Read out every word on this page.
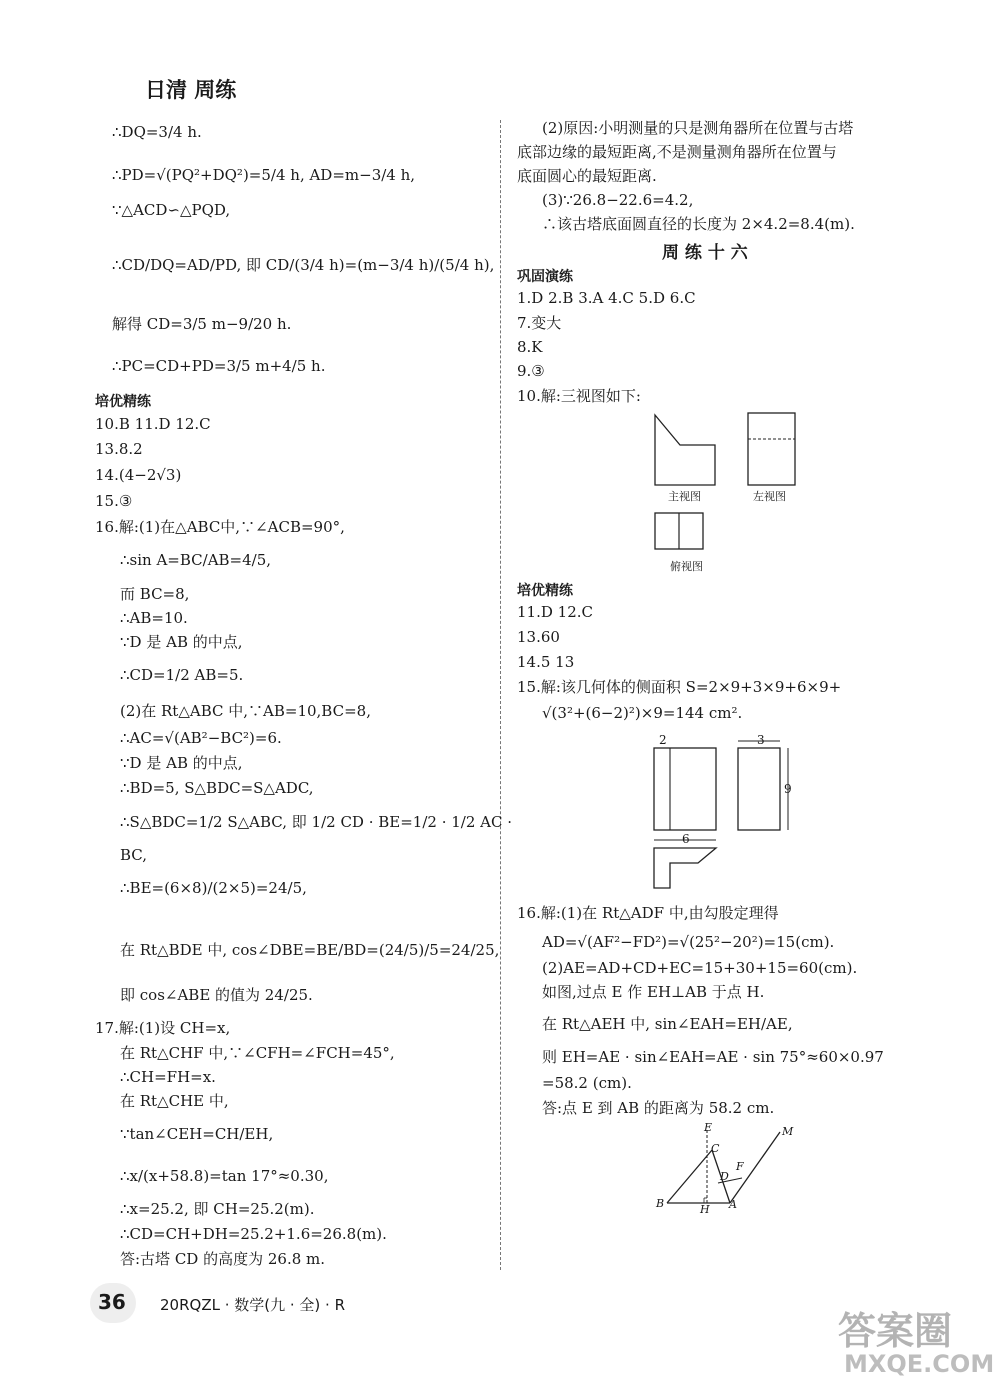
日清 周练
∴DQ=3/4 h.
∴PD=√(PQ²+DQ²)=5/4 h, AD=m−3/4 h,
∵△ACD∽△PQD,
∴CD/DQ=AD/PD, 即 CD/(3/4 h)=(m−3/4 h)/(5/4 h),
解得 CD=3/5 m−9/20 h.
∴PC=CD+PD=3/5 m+4/5 h.
培优精练
10.B 11.D 12.C
13.8.2
14.(4−2√3)
15.③
16.解:(1)在△ABC中,∵∠ACB=90°,
∴sin A=BC/AB=4/5,
而 BC=8,
∴AB=10.
∵D 是 AB 的中点,
∴CD=1/2 AB=5.
(2)在 Rt△ABC 中,∵AB=10,BC=8,
∴AC=√(AB²−BC²)=6.
∵D 是 AB 的中点,
∴BD=5, S△BDC=S△ADC,
∴S△BDC=1/2 S△ABC, 即 1/2 CD · BE=1/2 · 1/2 AC ·
BC,
∴BE=(6×8)/(2×5)=24/5,
在 Rt△BDE 中, cos∠DBE=BE/BD=(24/5)/5=24/25,
即 cos∠ABE 的值为 24/25.
17.解:(1)设 CH=x,
在 Rt△CHF 中,∵∠CFH=∠FCH=45°,
∴CH=FH=x.
在 Rt△CHE 中,
∵tan∠CEH=CH/EH,
∴x/(x+58.8)=tan 17°≈0.30,
∴x=25.2, 即 CH=25.2(m).
∴CD=CH+DH=25.2+1.6=26.8(m).
答:古塔 CD 的高度为 26.8 m.
(2)原因:小明测量的只是测角器所在位置与古塔
底部边缘的最短距离,不是测量测角器所在位置与
底面圆心的最短距离.
(3)∵26.8−22.6=4.2,
∴该古塔底面圆直径的长度为 2×4.2=8.4(m).
周 练 十 六
巩固演练
1.D 2.B 3.A 4.C 5.D 6.C
7.变大
8.K
9.③
10.解:三视图如下:
主视图	左视图
俯视图
培优精练
11.D 12.C
13.60
14.5 13
15.解:该几何体的侧面积 S=2×9+3×9+6×9+
√(3²+(6−2)²)×9=144 cm².
2	3
9
6
16.解:(1)在 Rt△ADF 中,由勾股定理得
AD=√(AF²−FD²)=√(25²−20²)=15(cm).
(2)AE=AD+CD+EC=15+30+15=60(cm).
如图,过点 E 作 EH⊥AB 于点 H.
在 Rt△AEH 中, sin∠EAH=EH/AE,
则 EH=AE · sin∠EAH=AE · sin 75°≈60×0.97
=58.2 (cm).
答:点 E 到 AB 的距离为 58.2 cm.
E
C
M
F
D
B	H A
36 20RQZL · 数学(九 · 全) · R
答案圈
MXQE.COM
